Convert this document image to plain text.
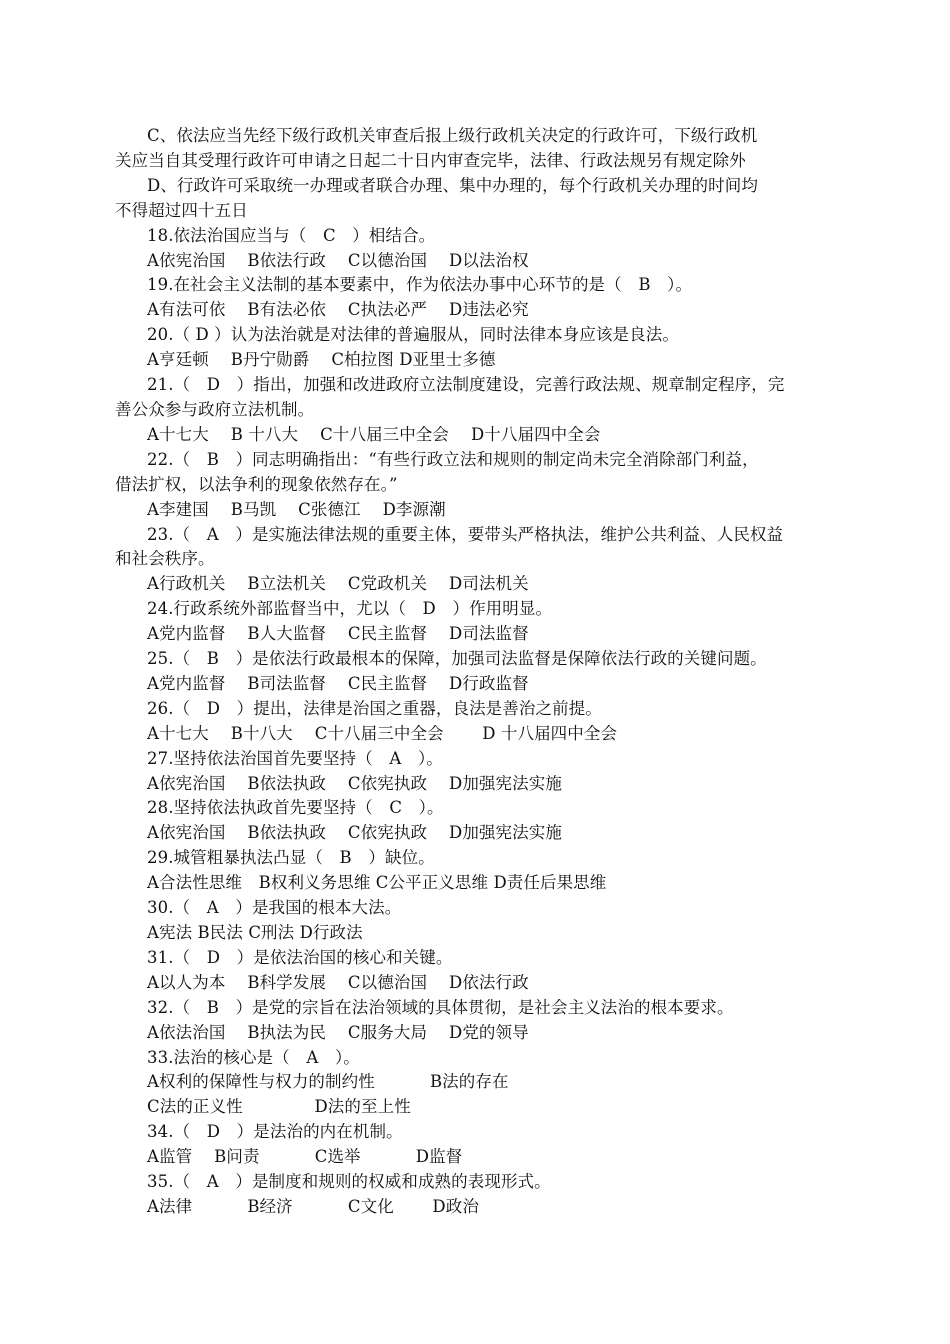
C、依法应当先经下级行政机关审查后报上级行政机关决定的行政许可，下级行政机
关应当自其受理行政许可申请之日起二十日内审查完毕，法律、行政法规另有规定除外
D、行政许可采取统一办理或者联合办理、集中办理的，每个行政机关办理的时间均
不得超过四十五日
18.依法治国应当与（　C　）相结合。
A依宪治国　 B依法行政　 C以德治国　 D以法治权
19.在社会主义法制的基本要素中，作为依法办事中心环节的是（　B　）。
A有法可依　 B有法必依　 C执法必严　 D违法必究
20.（ D ）认为法治就是对法律的普遍服从，同时法律本身应该是良法。
A亨廷顿　 B丹宁勋爵　 C柏拉图 D亚里士多德
21.（　D　）指出，加强和改进政府立法制度建设，完善行政法规、规章制定程序，完
善公众参与政府立法机制。
A十七大　 B 十八大　 C十八届三中全会　 D十八届四中全会
22.（　B　）同志明确指出：“有些行政立法和规则的制定尚未完全消除部门利益，
借法扩权，以法争利的现象依然存在。”
A李建国　 B马凯　 C张德江　 D李源潮
23.（　A　）是实施法律法规的重要主体，要带头严格执法，维护公共利益、人民权益
和社会秩序。
A行政机关　 B立法机关　 C党政机关　 D司法机关
24.行政系统外部监督当中，尤以（　D　）作用明显。
A党内监督　 B人大监督　 C民主监督　 D司法监督
25.（　B　）是依法行政最根本的保障，加强司法监督是保障依法行政的关键问题。
A党内监督　 B司法监督　 C民主监督　 D行政监督
26.（　D　）提出，法律是治国之重器，良法是善治之前提。
A十七大　 B十八大　 C十八届三中全会　　 D 十八届四中全会
27.坚持依法治国首先要坚持（　A　）。
A依宪治国　 B依法执政　 C依宪执政　 D加强宪法实施
28.坚持依法执政首先要坚持（　C　）。
A依宪治国　 B依法执政　 C依宪执政　 D加强宪法实施
29.城管粗暴执法凸显（　B　）缺位。
A合法性思维　B权利义务思维 C公平正义思维 D责任后果思维
30.（　A　）是我国的根本大法。
A宪法 B民法 C刑法 D行政法
31.（　D　）是依法治国的核心和关键。
A以人为本　 B科学发展　 C以德治国　 D依法行政
32.（　B　）是党的宗旨在法治领域的具体贯彻，是社会主义法治的根本要求。
A依法治国　 B执法为民　 C服务大局　 D党的领导
33.法治的核心是（　A　）。
A权利的保障性与权力的制约性　　　 B法的存在
C法的正义性　　　　 D法的至上性
34.（　D　）是法治的内在机制。
A监管　 B问责　　　 C选举　　　 D监督
35.（　A　）是制度和规则的权威和成熟的表现形式。
A法律　　　 B经济　　　 C文化　　 D政治
